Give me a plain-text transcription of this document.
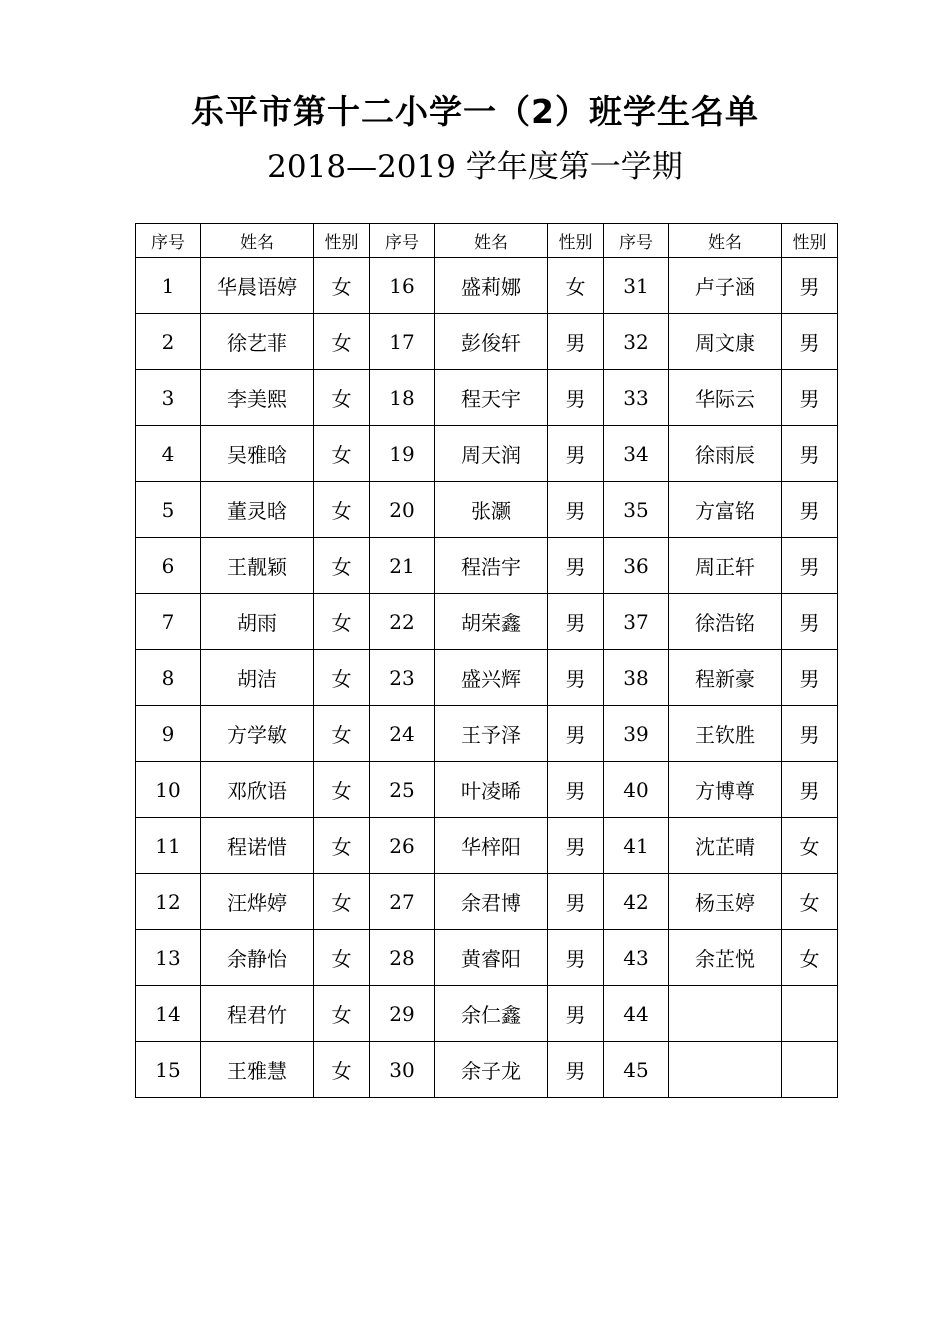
乐平市第十二小学一（2）班学生名单
2018—2019 学年度第一学期
序号	姓名	性别	序号	姓名	性别	序号	姓名	性别
1	华晨语婷	女	16	盛莉娜	女	31	卢子涵	男
2	徐艺菲	女	17	彭俊轩	男	32	周文康	男
3	李美熙	女	18	程天宇	男	33	华际云	男
4	吴雅晗	女	19	周天润	男	34	徐雨辰	男
5	董灵晗	女	20	张灏	男	35	方富铭	男
6	王靓颖	女	21	程浩宇	男	36	周正轩	男
7	胡雨	女	22	胡荣鑫	男	37	徐浩铭	男
8	胡洁	女	23	盛兴辉	男	38	程新豪	男
9	方学敏	女	24	王予泽	男	39	王钦胜	男
10	邓欣语	女	25	叶凌晞	男	40	方博尊	男
11	程诺惜	女	26	华梓阳	男	41	沈芷晴	女
12	汪烨婷	女	27	余君博	男	42	杨玉婷	女
13	余静怡	女	28	黄睿阳	男	43	余芷悦	女
14	程君竹	女	29	余仁鑫	男	44		
15	王雅慧	女	30	余子龙	男	45		
